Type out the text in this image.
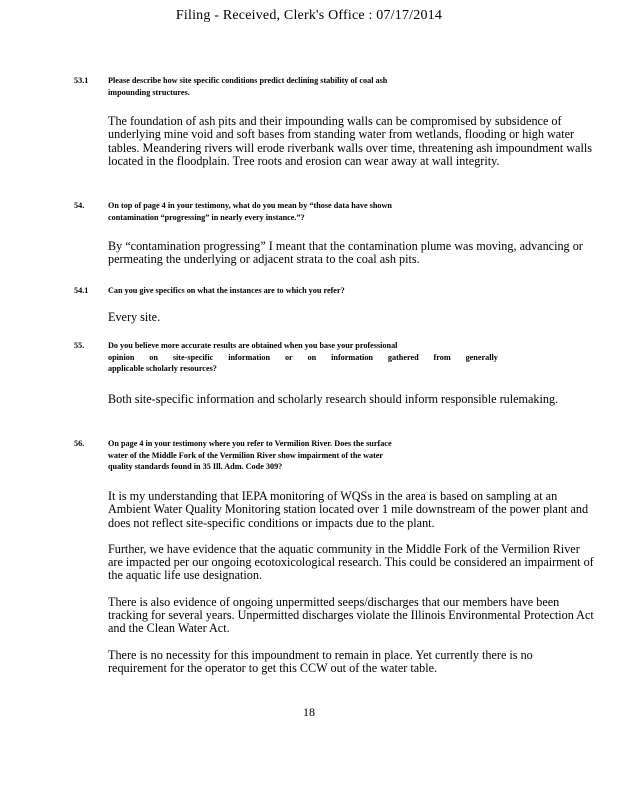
Filing - Received, Clerk's Office : 07/17/2014
53.1	Please describe how site specific conditions predict declining stability of coal ash
impounding structures.

The foundation of ash pits and their impounding walls can be compromised by subsidence of underlying mine void and soft bases from standing water from wetlands, flooding or high water tables. Meandering rivers will erode riverbank walls over time, threatening ash impoundment walls located in the floodplain. Tree roots and erosion can wear away at wall integrity.

54.	On top of page 4 in your testimony, what do you mean by “those data have shown
contamination “progressing” in nearly every instance.”?

By “contamination progressing” I meant that the contamination plume was moving, advancing or permeating the underlying or adjacent strata to the coal ash pits.

54.1	Can you give specifics on what the instances are to which you refer?

Every site.

55.	Do you believe more accurate results are obtained when you base your professional
opinion on site-specific information or on information gathered from generally
applicable scholarly resources?

Both site-specific information and scholarly research should inform responsible rulemaking.

56.	On page 4 in your testimony where you refer to Vermilion River. Does the surface
water of the Middle Fork of the Vermilion River show impairment of the water
quality standards found in 35 Ill. Adm. Code 309?

It is my understanding that IEPA monitoring of WQSs in the area is based on sampling at an Ambient Water Quality Monitoring station located over 1 mile downstream of the power plant and does not reflect site-specific conditions or impacts due to the plant.

Further, we have evidence that the aquatic community in the Middle Fork of the Vermilion River are impacted per our ongoing ecotoxicological research. This could be considered an impairment of the aquatic life use designation.

There is also evidence of ongoing unpermitted seeps/discharges that our members have been tracking for several years. Unpermitted discharges violate the Illinois Environmental Protection Act and the Clean Water Act.

There is no necessity for this impoundment to remain in place. Yet currently there is no requirement for the operator to get this CCW out of the water table.

18
